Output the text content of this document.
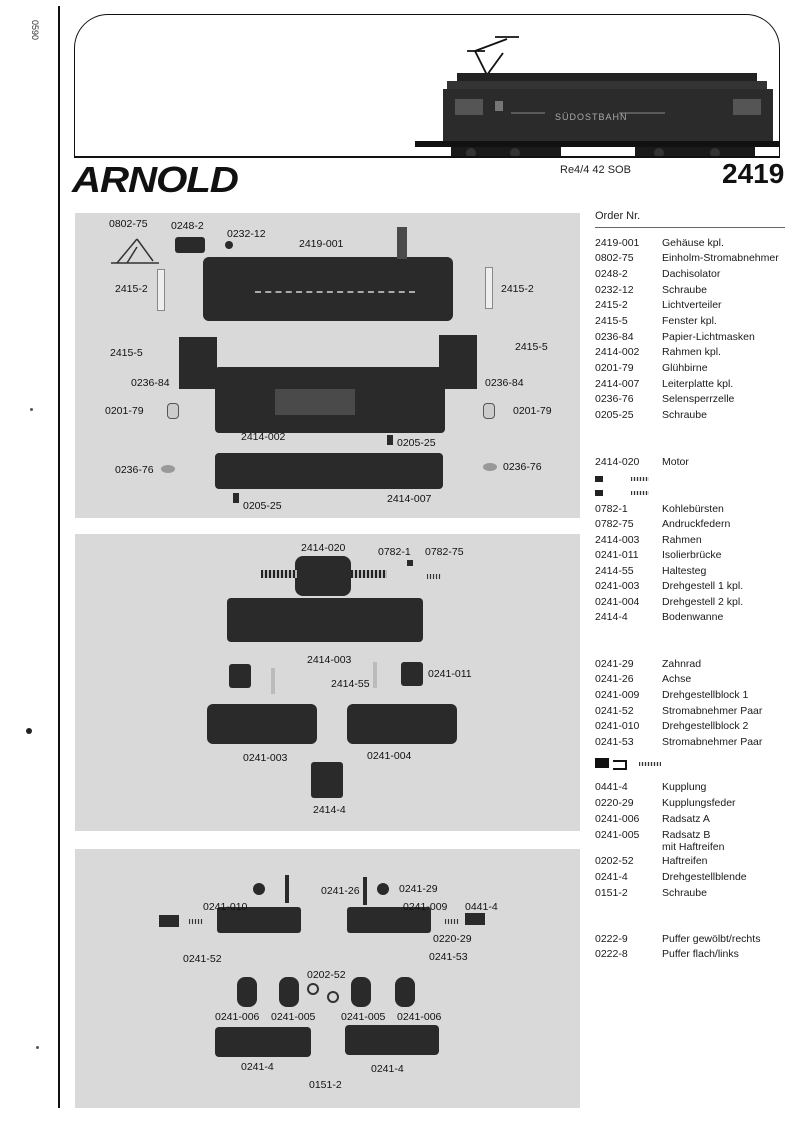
0590
SÜDOSTBAHN
ARNOLD	Re4/4 42 SOB	2419
0802-75 0248-2
0232-12
2419-001
2415-2	2415-2
2415-5	2415-5
0236-84	0236-84
0201-79	0201-79
2414-002	0205-25
0236-76	0236-76
2414-007
0205-25
2414-020	0782-1 0782-75
2414-003
2414-55
0241-011
0241-003	0241-004
2414-4
0241-26	0241-29
0241-010	0241-009 0441-4
0220-29
0241-52	0241-53
0202-52
0241-006 0241-005 0241-005 0241-006
0241-4	0241-4
0151-2
Order Nr.
2419-001	Gehäuse kpl.
0802-75	Einholm-Stromabnehmer
0248-2	Dachisolator
0232-12	Schraube
2415-2	Lichtverteiler
2415-5	Fenster kpl.
0236-84	Papier-Lichtmasken
2414-002	Rahmen kpl.
0201-79	Glühbirne
2414-007	Leiterplatte kpl.
0236-76	Selensperrzelle
0205-25	Schraube
2414-020	Motor
0782-1	Kohlebürsten
0782-75	Andruckfedern
2414-003	Rahmen
0241-011	Isolierbrücke
2414-55	Haltesteg
0241-003	Drehgestell 1 kpl.
0241-004	Drehgestell 2 kpl.
2414-4	Bodenwanne
0241-29	Zahnrad
0241-26	Achse
0241-009	Drehgestellblock 1
0241-52	Stromabnehmer Paar
0241-010	Drehgestellblock 2
0241-53	Stromabnehmer Paar
0441-4	Kupplung
0220-29	Kupplungsfeder
0241-006	Radsatz A
0241-005	Radsatz B
mit Haftreifen
0202-52	Haftreifen
0241-4	Drehgestellblende
0151-2	Schraube
0222-9	Puffer gewölbt/rechts
0222-8	Puffer flach/links
